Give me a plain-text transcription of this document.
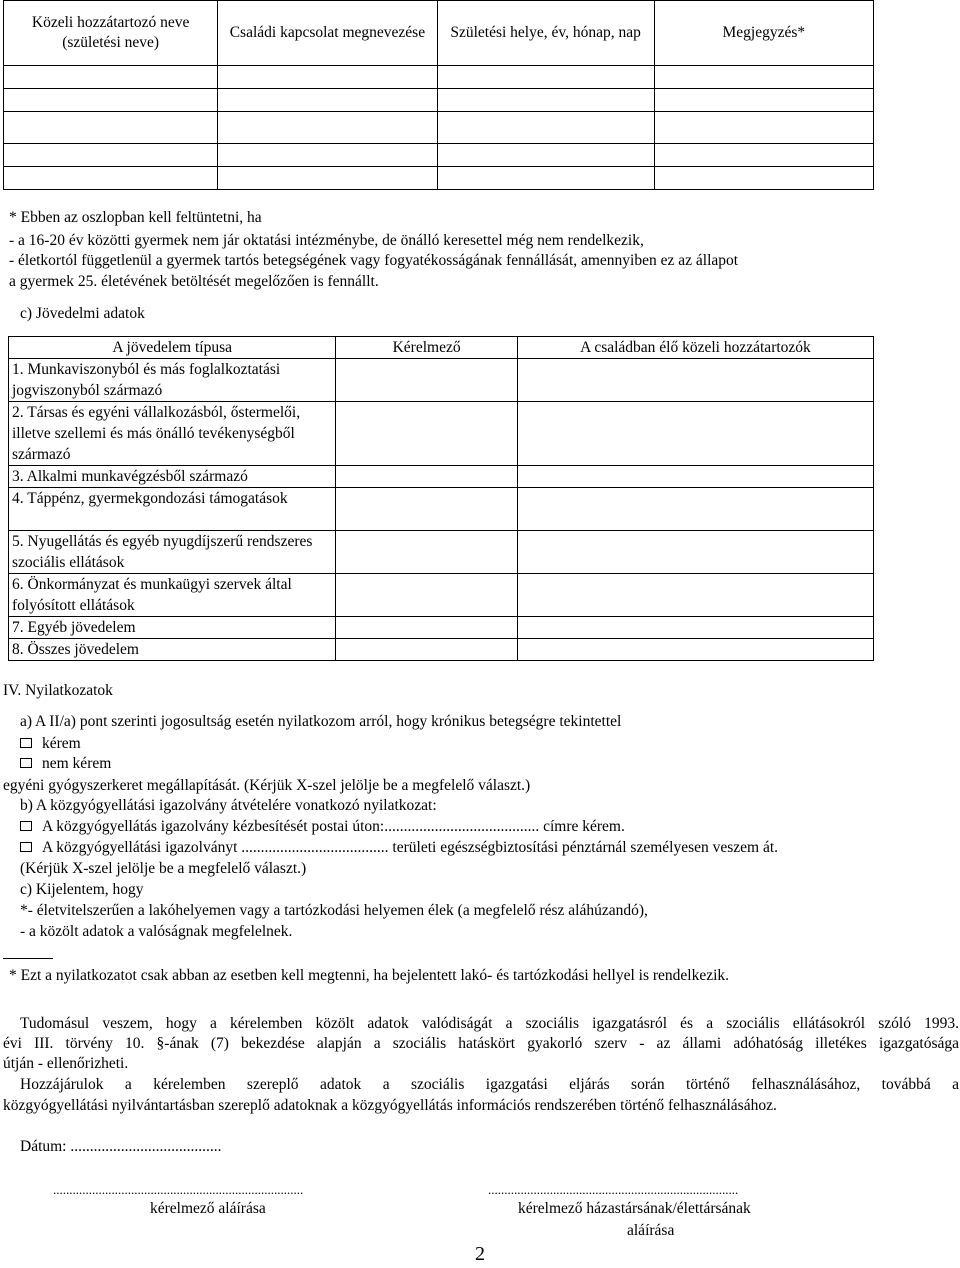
Közeli hozzátartozó neve (születési neve)	Családi kapcsolat megnevezése	Születési helye, év, hónap, nap	Megjegyzés*

* Ebben az oszlopban kell feltüntetni, ha
- a 16-20 év közötti gyermek nem jár oktatási intézménybe, de önálló keresettel még nem rendelkezik,
- életkortól függetlenül a gyermek tartós betegségének vagy fogyatékosságának fennállását, amennyiben ez az állapot
a gyermek 25. életévének betöltését megelőzően is fennállt.
c) Jövedelmi adatok
A jövedelem típusa	Kérelmező	A családban élő közeli hozzátartozók
1. Munkaviszonyból és más foglalkoztatási jogviszonyból származó		
2. Társas és egyéni vállalkozásból, őstermelői, illetve szellemi és más önálló tevékenységből származó		
3. Alkalmi munkavégzésből származó		
4. Táppénz, gyermekgondozási támogatások		
5. Nyugellátás és egyéb nyugdíjszerű rendszeres szociális ellátások		
6. Önkormányzat és munkaügyi szervek által folyósított ellátások		
7. Egyéb jövedelem		
8. Összes jövedelem		
IV. Nyilatkozatok
a) A II/a) pont szerinti jogosultság esetén nyilatkozom arról, hogy krónikus betegségre tekintettel
kérem
nem kérem
egyéni gyógyszerkeret megállapítását. (Kérjük X-szel jelölje be a megfelelő választ.)
b) A közgyógyellátási igazolvány átvételére vonatkozó nyilatkozat:
A közgyógyellátás igazolvány kézbesítését postai úton:........................................ címre kérem.
A közgyógyellátási igazolványt ...................................... területi egészségbiztosítási pénztárnál személyesen veszem át.
(Kérjük X-szel jelölje be a megfelelő választ.)
c) Kijelentem, hogy
*- életvitelszerűen a lakóhelyemen vagy a tartózkodási helyemen élek (a megfelelő rész aláhúzandó),
- a közölt adatok a valóságnak megfelelnek.
* Ezt a nyilatkozatot csak abban az esetben kell megtenni, ha bejelentett lakó- és tartózkodási hellyel is rendelkezik.
Tudomásul veszem, hogy a kérelemben közölt adatok valódiságát a szociális igazgatásról és a szociális ellátásokról szóló 1993.
évi III. törvény 10. §-ának (7) bekezdése alapján a szociális hatáskört gyakorló szerv - az állami adóhatóság illetékes igazgatósága
útján - ellenőrizheti.
Hozzájárulok a kérelemben szereplő adatok a szociális igazgatási eljárás során történő felhasználásához, továbbá a
közgyógyellátási nyilvántartásban szereplő adatoknak a közgyógyellátás információs rendszerében történő felhasználásához.
Dátum: .......................................
.............................................................................	.............................................................................
kérelmező aláírása	kérelmező házastársának/élettársának
aláírása
2
